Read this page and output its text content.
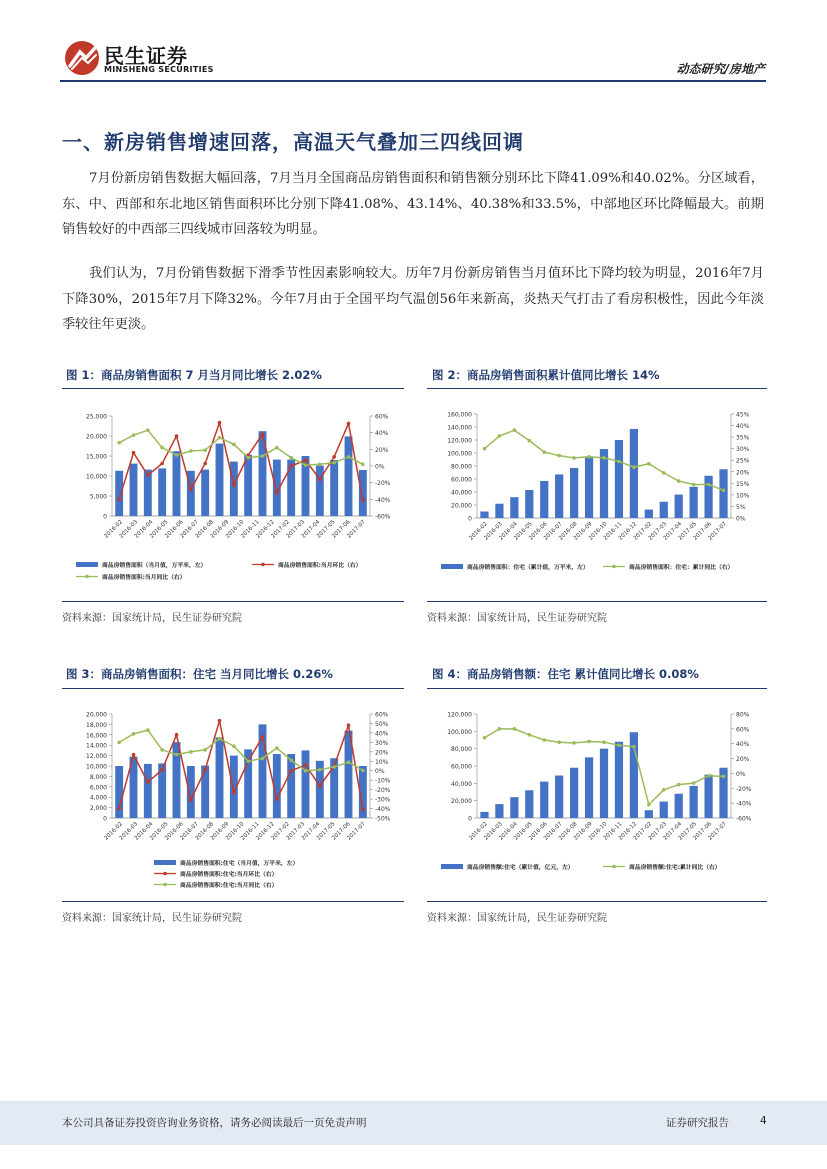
民生证券
MINSHENG SECURITIES	动态研究/房地产
一、新房销售增速回落，高温天气叠加三四线回调

7月份新房销售数据大幅回落，7月当月全国商品房销售面积和销售额分别环比下降41.09%和40.02%。分区域看，东、中、西部和东北地区销售面积环比分别下降41.08%、43.14%、40.38%和33.5%，中部地区环比降幅最大。前期销售较好的中西部三四线城市回落较为明显。

我们认为，7月份销售数据下滑季节性因素影响较大。历年7月份新房销售当月值环比下降均较为明显，2016年7月下降30%，2015年7月下降32%。今年7月由于全国平均气温创56年来新高，炎热天气打击了看房积极性，因此今年淡季较往年更淡。

图 1：商品房销售面积 7 月当月同比增长 2.02%
0
5,000
10,000
15,000
20,000
25,000
-60%
-40%
-20%
0%
20%
40%
60%
2016-02
2016-03
2016-04
2016-05
2016-06
2016-07
2016-08
2016-09
2016-10
2016-11
2016-12
2017-02
2017-03
2017-04
2017-05
2017-06
2017-07
商品房销售面积（当月值，万平米，左）	商品房销售面积:当月环比（右）
商品房销售面积:当月同比（右）
资料来源：国家统计局，民生证券研究院
图 2：商品房销售面积累计值同比增长 14%
0
20,000
40,000
60,000
80,000
100,000
120,000
140,000
160,000
0%
5%
10%
15%
20%
25%
30%
35%
40%
45%
2016-02
2016-03
2016-04
2016-05
2016-06
2016-07
2016-08
2016-09
2016-10
2016-11
2016-12
2017-02
2017-03
2017-04
2017-05
2017-06
2017-07
商品房销售面积：住宅（累计值，万平米，左）	商品房销售面积：住宅：累计同比（右）
资料来源：国家统计局，民生证券研究院
图 3：商品房销售面积：住宅 当月同比增长 0.26%
0
2,000
4,000
6,000
8,000
10,000
12,000
14,000
16,000
18,000
20,000
-50%
-40%
-30%
-20%
-10%
0%
10%
20%
30%
40%
50%
60%
2016-02
2016-03
2016-04
2016-05
2016-06
2016-07
2016-08
2016-09
2016-10
2016-11
2016-12
2017-02
2017-03
2017-04
2017-05
2017-06
2017-07
商品房销售面积:住宅（当月值，万平米，左）
商品房销售面积:住宅:当月环比（右）
商品房销售面积:住宅:当月同比（右）
资料来源：国家统计局，民生证券研究院
图 4：商品房销售额：住宅 累计值同比增长 0.08%
0
20,000
40,000
60,000
80,000
100,000
120,000
-60%
-40%
-20%
0%
20%
40%
60%
80%
2016-02
2016-03
2016-04
2016-05
2016-06
2016-07
2016-08
2016-09
2016-10
2016-11
2016-12
2017-02
2017-03
2017-04
2017-05
2017-06
2017-07
商品房销售额:住宅（累计值，亿元，左）	商品房销售额:住宅:累计同比（右）
资料来源：国家统计局，民生证券研究院
本公司具备证券投资咨询业务资格，请务必阅读最后一页免责声明	证券研究报告	4
